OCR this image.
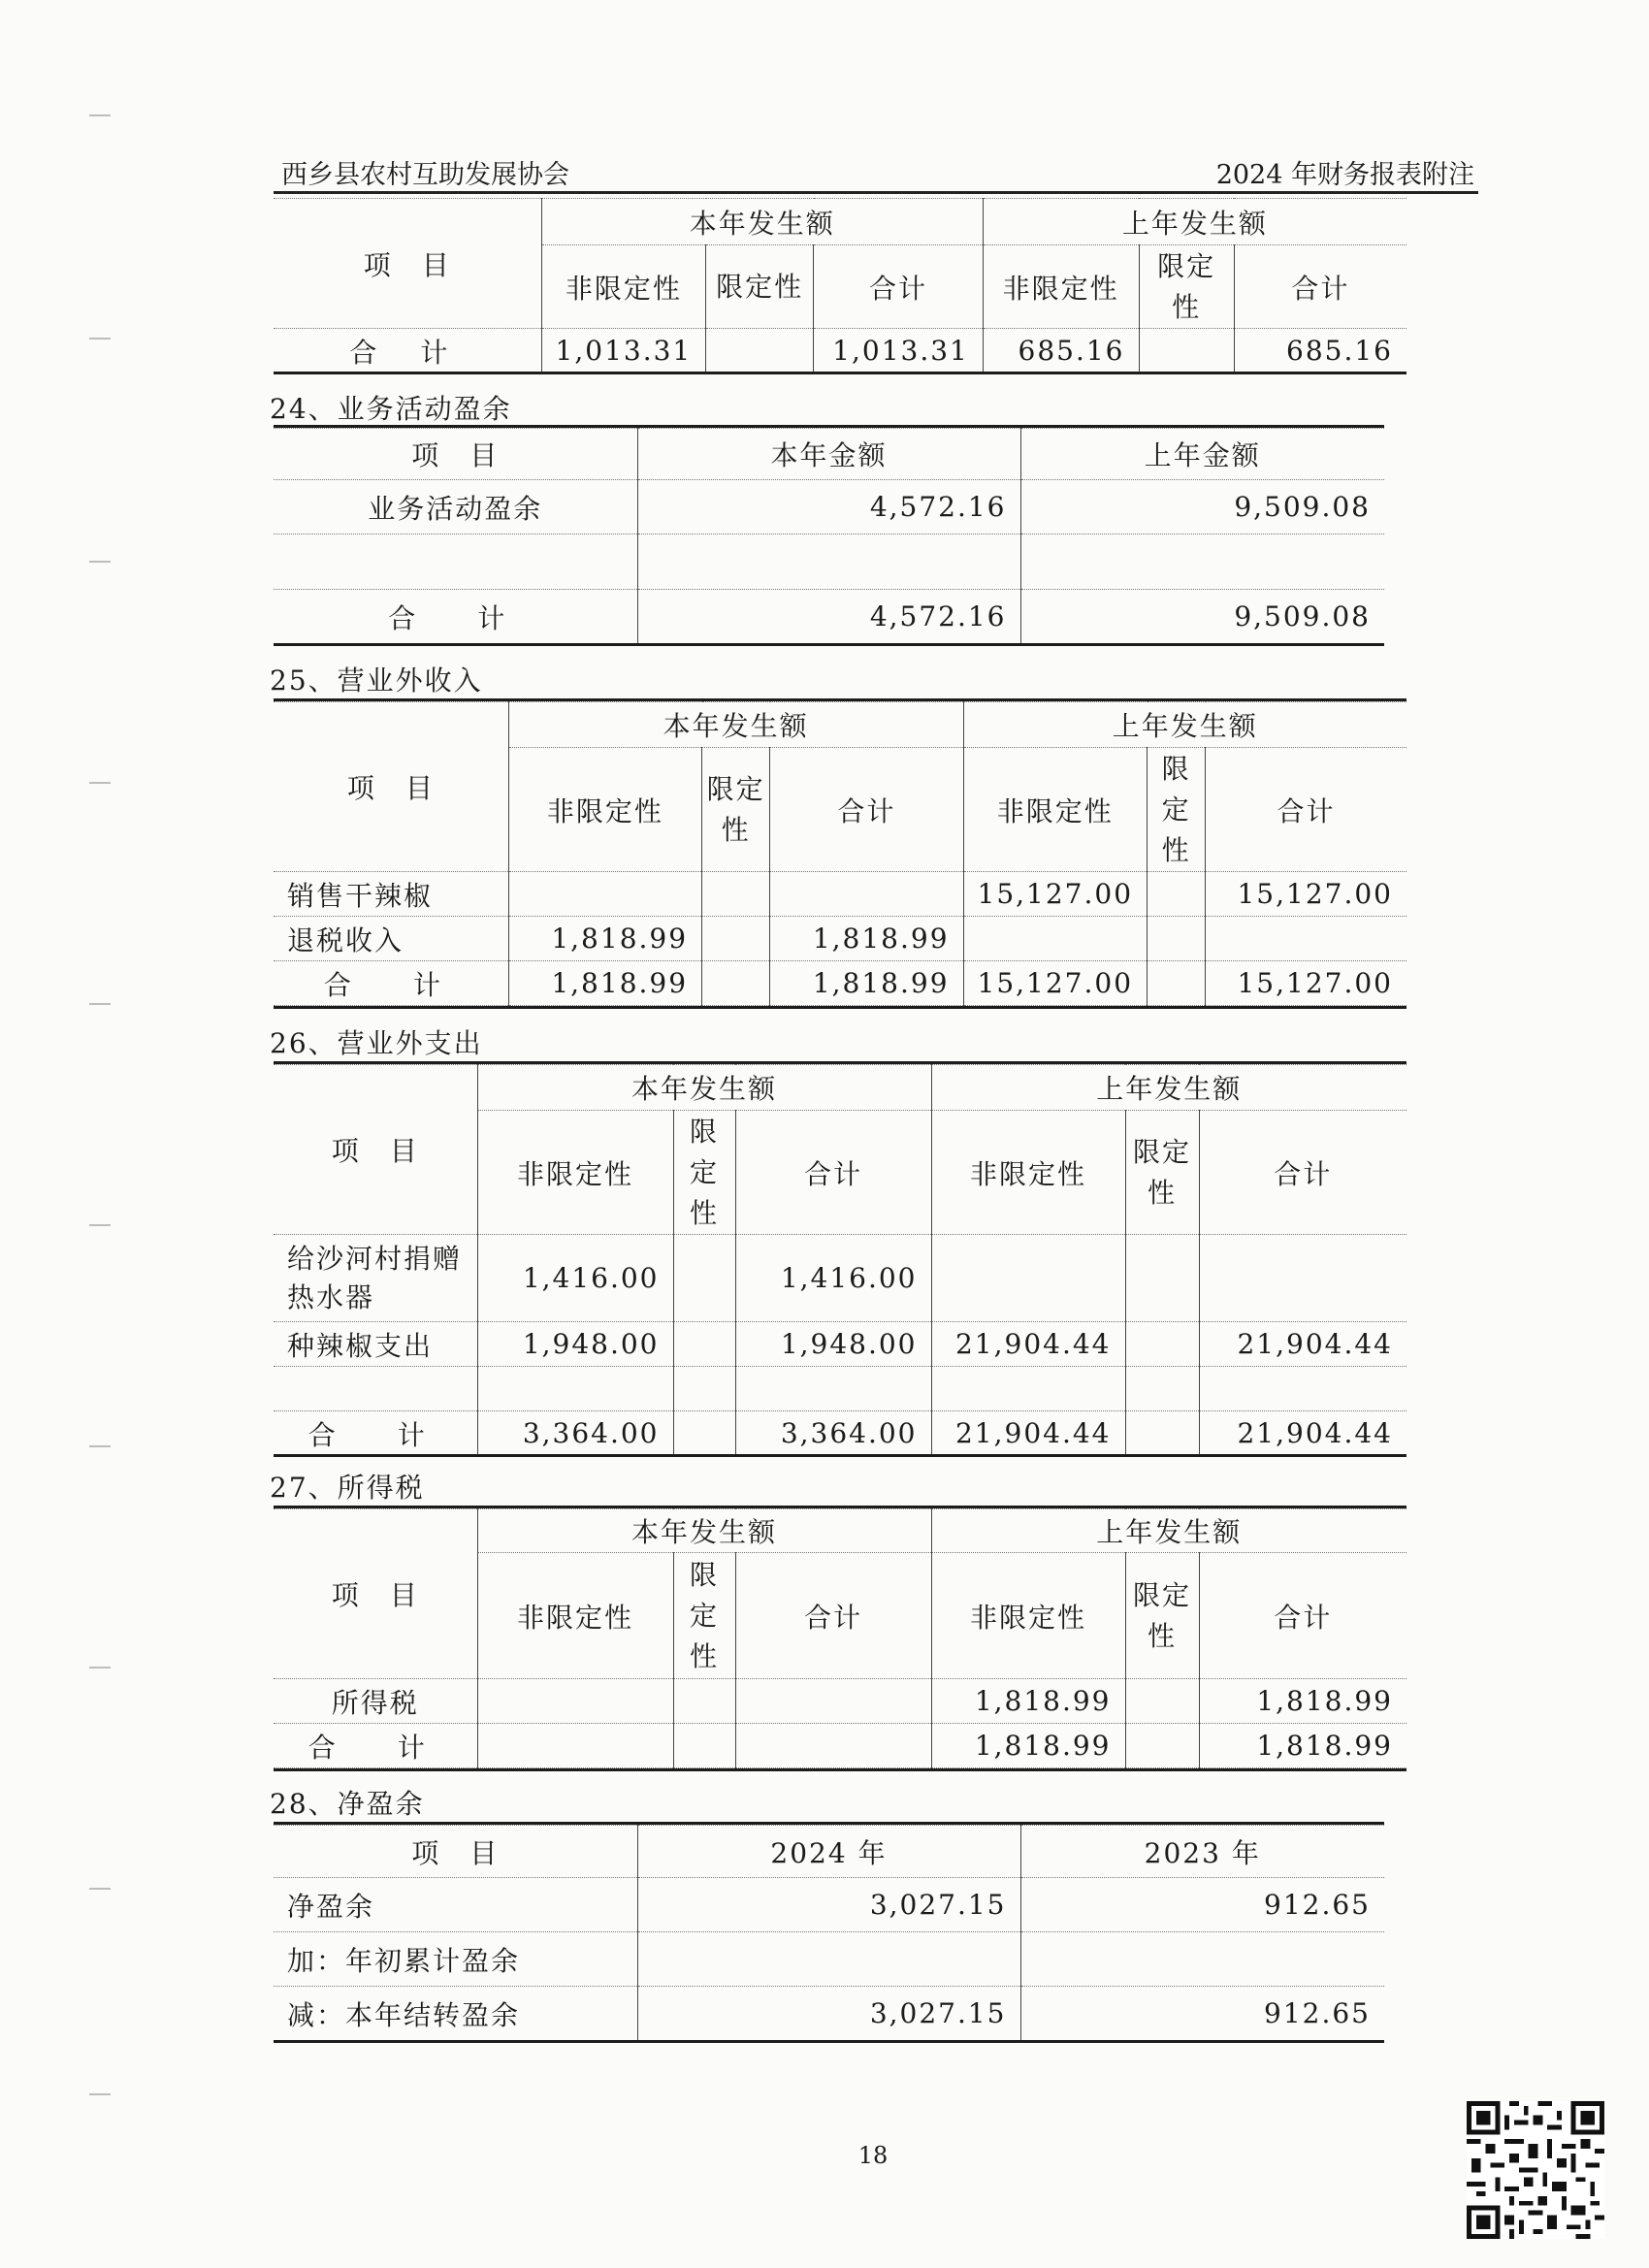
西乡县农村互助发展协会	2024 年财务报表附注
项　目	本年发生额			上年发生额		
	非限定性	限定性	合计	非限定性	限定性	合计
合 计	1,013.31		1,013.31	685.16		685.16
24、业务活动盈余
项　目	本年金额	上年金额
业务活动盈余	4,572.16	9,509.08

合　计	4,572.16	9,509.08
25、营业外收入
项　目	本年发生额			上年发生额		
	非限定性	限定性	合计	非限定性	限定性	合计
销售干辣椒				15,127.00		15,127.00
退税收入	1,818.99		1,818.99			
合　计	1,818.99		1,818.99	15,127.00		15,127.00
26、营业外支出
项　目	本年发生额			上年发生额		
	非限定性	限定性	合计	非限定性	限定性	合计
给沙河村捐赠热水器	1,416.00		1,416.00			
种辣椒支出	1,948.00		1,948.00	21,904.44		21,904.44

合　计	3,364.00		3,364.00	21,904.44		21,904.44
27、所得税
项　目	本年发生额			上年发生额		
	非限定性	限定性	合计	非限定性	限定性	合计
所得税				1,818.99		1,818.99
合　计				1,818.99		1,818.99
28、净盈余
项　目	2024 年	2023 年
净盈余	3,027.15	912.65
加：年初累计盈余		
减：本年结转盈余	3,027.15	912.65
18
